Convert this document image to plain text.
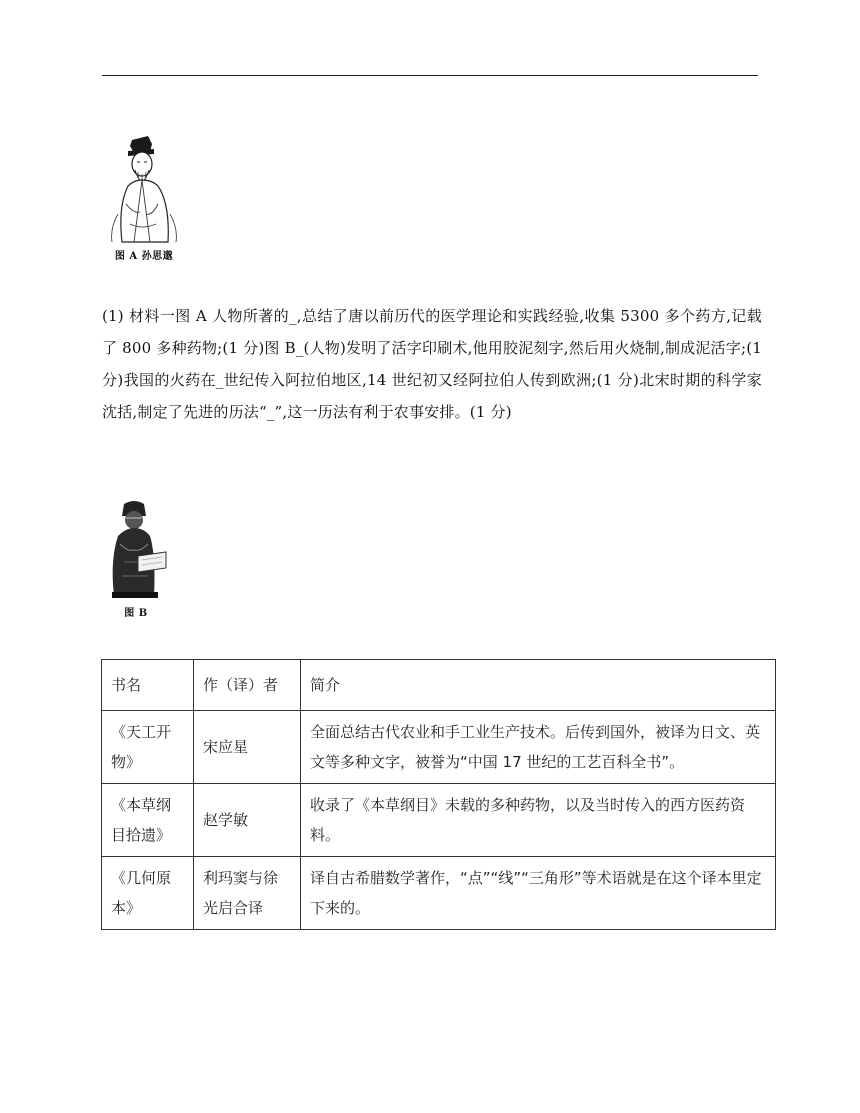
图 A 孙思邈
(1) 材料一图 A 人物所著的_,总结了唐以前历代的医学理论和实践经验,收集 5300 多个药方,记载了 800 多种药物;(1 分)图 B_(人物)发明了活字印刷术,他用胶泥刻字,然后用火烧制,制成泥活字;(1 分)我国的火药在_世纪传入阿拉伯地区,14 世纪初又经阿拉伯人传到欧洲;(1 分)北宋时期的科学家沈括,制定了先进的历法“_”,这一历法有利于农事安排。(1 分)
图 B
书名	作（译）者	简介
《天工开物》	宋应星	全面总结古代农业和手工业生产技术。后传到国外，被译为日文、英文等多种文字，被誉为“中国 17 世纪的工艺百科全书”。
《本草纲目拾遗》	赵学敏	收录了《本草纲目》未载的多种药物，以及当时传入的西方医药资料。
《几何原本》	利玛窦与徐光启合译	译自古希腊数学著作，“点”“线”“三角形”等术语就是在这个译本里定下来的。
